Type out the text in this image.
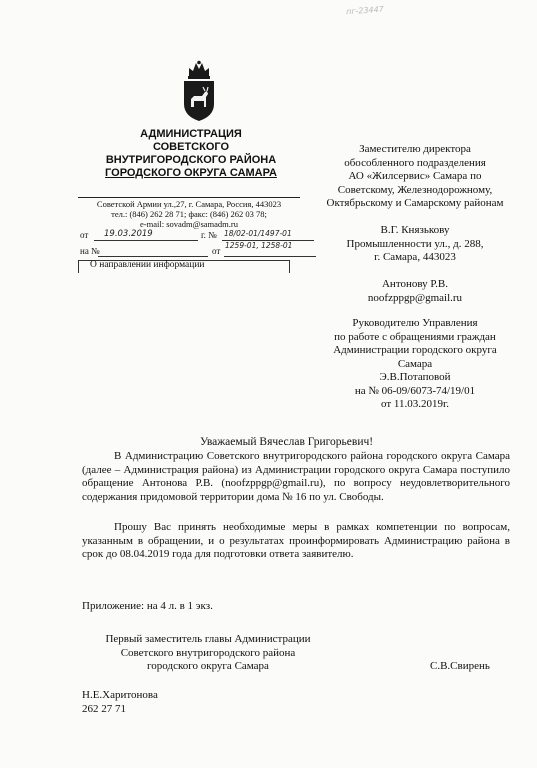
пг-23447
АДМИНИСТРАЦИЯ
СОВЕТСКОГО
ВНУТРИГОРОДСКОГО РАЙОНА
ГОРОДСКОГО ОКРУГА САМАРА
Советской Армии ул.,27, г. Самара, Россия, 443023
тел.: (846) 262 28 71; факс: (846) 262 03 78;
e-mail: sovadm@samadm.ru
от 19.03.2019	г. № 18/02-01/1497-01
на №	от
1259-01, 1258-01
О направлении информации
Заместителю директора
обособленного подразделения
АО «Жилсервис» Самара по
Советскому, Железнодорожному,
Октябрьскому и Самарскому районам
В.Г. Князькову
Промышленности ул., д. 288,
г. Самара, 443023
Антонову Р.В.
noofzppgp@gmail.ru
Руководителю Управления
по работе с обращениями граждан
Администрации городского округа
Самара
Э.В.Потаповой
на № 06-09/6073-74/19/01
от 11.03.2019г.
Уважаемый Вячеслав Григорьевич!
В Администрацию Советского внутригородского района городского округа Самара (далее – Администрация района) из Администрации городского округа Самара поступило обращение Антонова Р.В. (noofzppgp@gmail.ru), по вопросу неудовлетворительного содержания придомовой территории дома № 16 по ул. Свободы.
Прошу Вас принять необходимые меры в рамках компетенции по вопросам, указанным в обращении, и о результатах проинформировать Администрацию района в срок до 08.04.2019 года для подготовки ответа заявителю.
Приложение: на 4 л. в 1 экз.
Первый заместитель главы Администрации
Советского внутригородского района
городского округа Самара	С.В.Свирень
Н.Е.Харитонова
262 27 71
